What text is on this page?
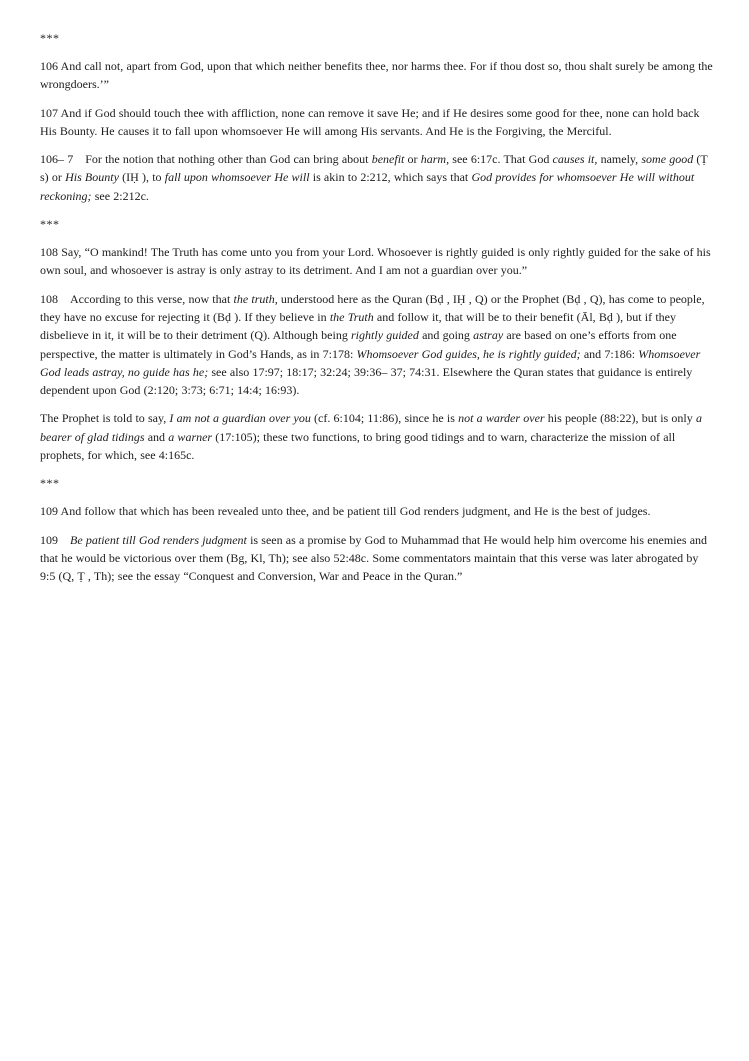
***

106 And call not, apart from God, upon that which neither benefits thee, nor harms thee. For if thou dost so, thou shalt surely be among the wrongdoers.’”

107 And if God should touch thee with affliction, none can remove it save He; and if He desires some good for thee, none can hold back His Bounty. He causes it to fall upon whomsoever He will among His servants. And He is the Forgiving, the Merciful.

106– 7 For the notion that nothing other than God can bring about benefit or harm, see 6:17c. That God causes it, namely, some good (Ṭ s) or His Bounty (IḤ ), to fall upon whomsoever He will is akin to 2:212, which says that God provides for whomsoever He will without reckoning; see 2:212c.

***

108 Say, “O mankind! The Truth has come unto you from your Lord. Whosoever is rightly guided is only rightly guided for the sake of his own soul, and whosoever is astray is only astray to its detriment. And I am not a guardian over you.”

108 According to this verse, now that the truth, understood here as the Quran (Bḍ , IḤ , Q) or the Prophet (Bḍ , Q), has come to people, they have no excuse for rejecting it (Bḍ ). If they believe in the Truth and follow it, that will be to their benefit (Āl, Bḍ ), but if they disbelieve in it, it will be to their detriment (Q). Although being rightly guided and going astray are based on one’s efforts from one perspective, the matter is ultimately in God’s Hands, as in 7:178: Whomsoever God guides, he is rightly guided; and 7:186: Whomsoever God leads astray, no guide has he; see also 17:97; 18:17; 32:24; 39:36– 37; 74:31. Elsewhere the Quran states that guidance is entirely dependent upon God (2:120; 3:73; 6:71; 14:4; 16:93).

The Prophet is told to say, I am not a guardian over you (cf. 6:104; 11:86), since he is not a warder over his people (88:22), but is only a bearer of glad tidings and a warner (17:105); these two functions, to bring good tidings and to warn, characterize the mission of all prophets, for which, see 4:165c.

***

109 And follow that which has been revealed unto thee, and be patient till God renders judgment, and He is the best of judges.

109 Be patient till God renders judgment is seen as a promise by God to Muhammad that He would help him overcome his enemies and that he would be victorious over them (Bg, Kl, Th); see also 52:48c. Some commentators maintain that this verse was later abrogated by 9:5 (Q, Ṭ , Th); see the essay “Conquest and Conversion, War and Peace in the Quran.”
